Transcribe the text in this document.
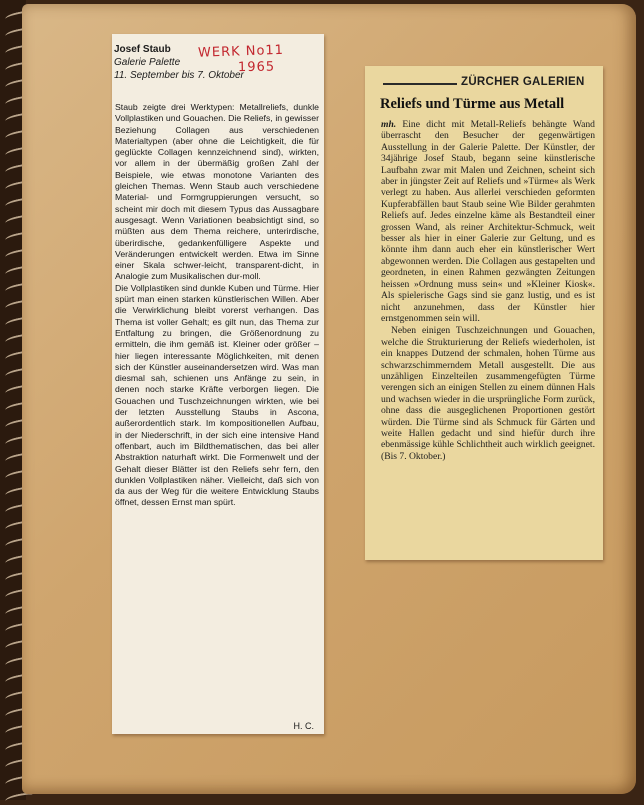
Josef Staub
Galerie Palette
11. September bis 7. Oktober
WERK No11
1965

Staub zeigte drei Werktypen: Metallreliefs, dunkle Vollplastiken und Gouachen. Die Reliefs, in gewisser Beziehung Collagen aus verschiedenen Materialtypen (aber ohne die Leichtigkeit, die für geglückte Collagen kennzeichnend sind), wirkten, vor allem in der übermäßig großen Zahl der Beispiele, wie etwas monotone Varianten des gleichen Themas. Wenn Staub auch verschiedene Material- und Formgruppierungen versucht, so scheint mir doch mit diesem Typus das Aussagbare ausgesagt. Wenn Variationen beabsichtigt sind, so müßten aus dem Thema reichere, unterirdische, überirdische, gedankenfülligere Aspekte und Veränderungen entwickelt werden. Etwa im Sinne einer Skala schwer-leicht, transparent-dicht, in Analogie zum Musikalischen dur-moll.

Die Vollplastiken sind dunkle Kuben und Türme. Hier spürt man einen starken künstlerischen Willen. Aber die Verwirklichung bleibt vorerst verhangen. Das Thema ist voller Gehalt; es gilt nun, das Thema zur Entfaltung zu bringen, die Größenordnung zu ermitteln, die ihm gemäß ist. Kleiner oder größer – hier liegen interessante Möglichkeiten, mit denen sich der Künstler auseinandersetzen wird. Was man diesmal sah, schienen uns Anfänge zu sein, in denen noch starke Kräfte verborgen liegen. Die Gouachen und Tuschzeichnungen wirkten, wie bei der letzten Ausstellung Staubs in Ascona, außerordentlich stark. Im kompositionellen Aufbau, in der Niederschrift, in der sich eine intensive Hand offenbart, auch im Bildthematischen, das bei aller Abstraktion naturhaft wirkt. Die Formenwelt und der Gehalt dieser Blätter ist den Reliefs sehr fern, den dunklen Vollplastiken näher. Vielleicht, daß sich von da aus der Weg für die weitere Entwicklung Staubs öffnet, dessen Ernst man spürt.

H. C.
ZÜRCHER GALERIEN
Reliefs und Türme aus Metall

mh. Eine dicht mit Metall-Reliefs behängte Wand überrascht den Besucher der gegenwärtigen Ausstellung in der Galerie Palette. Der Künstler, der 34jährige Josef Staub, begann seine künstlerische Laufbahn zwar mit Malen und Zeichnen, scheint sich aber in jüngster Zeit auf Reliefs und »Türme« als Werk verlegt zu haben. Aus allerlei verschieden geformten Kupferabfällen baut Staub seine Wie Bilder gerahmten Reliefs auf. Jedes einzelne käme als Bestandteil einer grossen Wand, als reiner Architektur-Schmuck, weit besser als hier in einer Galerie zur Geltung, und es könnte ihm dann auch eher ein künstlerischer Wert abgewonnen werden. Die Collagen aus gestapelten und geordneten, in einen Rahmen gezwängten Zeitungen heissen »Ordnung muss sein« und »Kleiner Kiosk«. Als spielerische Gags sind sie ganz lustig, und es ist nicht anzunehmen, dass der Künstler hier ernstgenommen sein will.

Neben einigen Tuschzeichnungen und Gouachen, welche die Strukturierung der Reliefs wiederholen, ist ein knappes Dutzend der schmalen, hohen Türme aus schwarzschimmerndem Metall ausgestellt. Die aus unzähligen Einzelteilen zusammengefügten Türme verengen sich an einigen Stellen zu einem dünnen Hals und wachsen wieder in die ursprüngliche Form zurück, ohne dass die ausgeglichenen Proportionen gestört würden. Die Türme sind als Schmuck für Gärten und weite Hallen gedacht und sind hiefür durch ihre ebenmässige kühle Schlichtheit auch wirklich geeignet. (Bis 7. Oktober.)
